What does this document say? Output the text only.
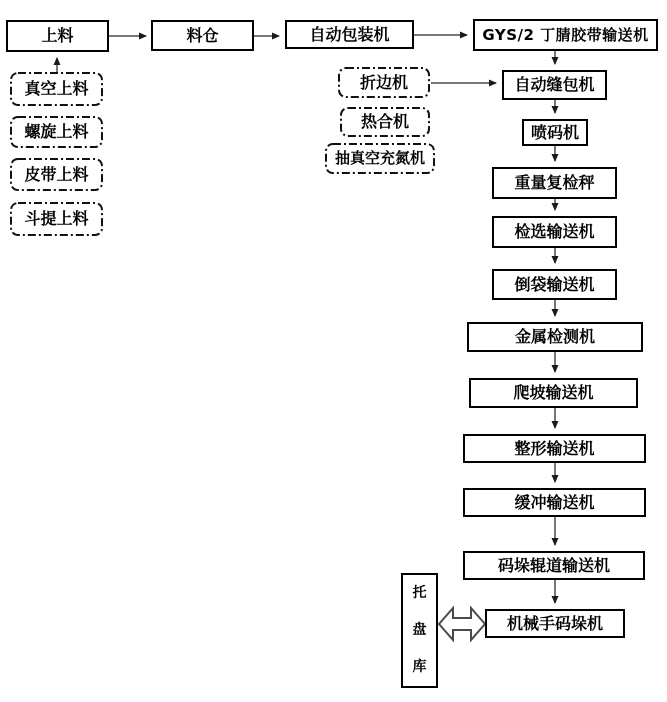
上料	料仓	自动包装机	GYS/2 丁腈胶带输送机
真空上料
螺旋上料
皮带上料
斗提上料
折边机
热合机
抽真空充氮机
自动缝包机
喷码机
重量复检秤
检选输送机
倒袋输送机
金属检测机
爬坡输送机
整形输送机
缓冲输送机
码垛辊道输送机
机械手码垛机
托盘库
